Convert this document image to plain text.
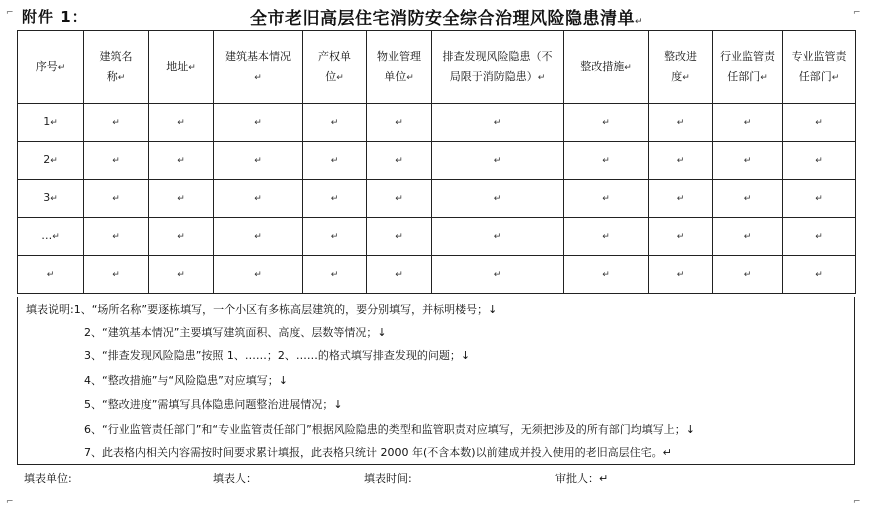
附件 1：	全市老旧高层住宅消防安全综合治理风险隐患清单↵
⌐	⌐
⌐	⌐
序号↵	建筑名称↵	地址↵	建筑基本情况↵	产权单位↵	物业管理单位↵	排查发现风险隐患（不局限于消防隐患）↵	整改措施↵	整改进度↵	行业监管责任部门↵	专业监管责任部门↵
1↵	↵	↵	↵	↵	↵	↵	↵	↵	↵	↵
2↵	↵	↵	↵	↵	↵	↵	↵	↵	↵	↵
3↵	↵	↵	↵	↵	↵	↵	↵	↵	↵	↵
…↵	↵	↵	↵	↵	↵	↵	↵	↵	↵	↵
↵	↵	↵	↵	↵	↵	↵	↵	↵	↵	↵
填表说明:1、“场所名称”要逐栋填写，一个小区有多栋高层建筑的，要分别填写，并标明楼号；↓
2、“建筑基本情况”主要填写建筑面积、高度、层数等情况；↓
3、“排查发现风险隐患”按照 1、……；2、……的格式填写排查发现的问题；↓
4、“整改措施”与“风险隐患”对应填写；↓
5、“整改进度”需填写具体隐患问题整治进展情况；↓
6、“行业监管责任部门”和“专业监管责任部门”根据风险隐患的类型和监管职责对应填写，无须把涉及的所有部门均填写上；↓
7、此表格内相关内容需按时间要求累计填报，此表格只统计 2000 年(不含本数)以前建成并投入使用的老旧高层住宅。↵
填表单位:	填表人：	填表时间:	审批人：↵
